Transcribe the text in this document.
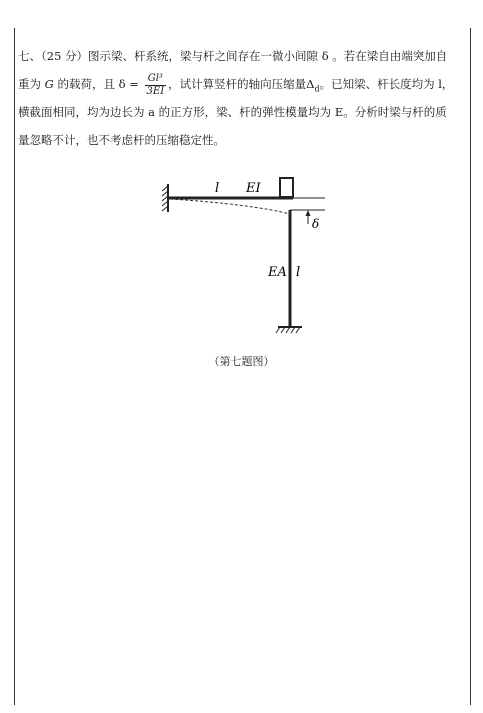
七、（25 分）图示梁、杆系统，梁与杆之间存在一微小间隙 δ 。若在梁自由端突加自
重为 G 的载荷，且 $\delta = \frac{\text{Gl³}}{3EI}$ ，试计算竖杆的轴向压缩量$\Delta_d$。已知梁、杆长度均为 l，
横截面相同，均为边长为 a 的正方形，梁、杆的弹性模量均为 E。分析时梁与杆的质
量忽略不计，也不考虑杆的压缩稳定性。
δ
l EI
EA l
（第七题图）
